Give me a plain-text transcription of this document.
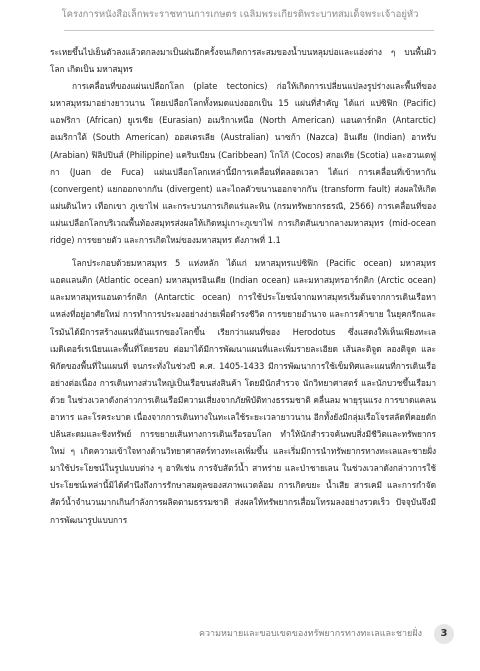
โครงการหนังสือเล็กพระราชทานการเกษตร เฉลิมพระเกียรติพระบาทสมเด็จพระเจ้าอยู่หัว

ระเหยขึ้นไปเย็นตัวลงแล้วตกลงมาเป็นฝนอีกครั้งจนเกิดการสะสมของน้ำบนหลุมบ่อและแอ่งต่าง ๆ บนพื้นผิวโลก เกิดเป็น มหาสมุทร

การเคลื่อนที่ของแผ่นเปลือกโลก (plate tectonics) ก่อให้เกิดการเปลี่ยนแปลงรูปร่างและพื้นที่ของมหาสมุทรมาอย่างยาวนาน โดยเปลือกโลกทั้งหมดแบ่งออกเป็น 15 แผ่นที่สำคัญ ได้แก่ แปซิฟิก (Pacific) แอฟริกา (African) ยูเรเซีย (Eurasian) อเมริกาเหนือ (North American) แอนตาร์กติก (Antarctic) อเมริกาใต้ (South American) ออสเตรเลีย (Australian) นาซก้า (Nazca) อินเดีย (Indian) อาหรับ (Arabian) ฟิลิปปินส์ (Philippine) แคริบเบียน (Caribbean) โกโก้ (Cocos) สกอเทีย (Scotia) และฮวนเดฟูกา (Juan de Fuca) แผ่นเปลือกโลกเหล่านี้มีการเคลื่อนที่ตลอดเวลา ได้แก่ การเคลื่อนที่เข้าหากัน (convergent) แยกออกจากกัน (divergent) และไถลตัวขนานออกจากกัน (transform fault) ส่งผลให้เกิดแผ่นดินไหว เทือกเขา ภูเขาไฟ และกระบวนการเกิดแร่และหิน (กรมทรัพยากรธรณี, 2566) การเคลื่อนที่ของแผ่นเปลือกโลกบริเวณพื้นท้องสมุทรส่งผลให้เกิดหมู่เกาะภูเขาไฟ การเกิดสันเขากลางมหาสมุทร (mid-ocean ridge) การขยายตัว และการเกิดใหม่ของมหาสมุทร ดังภาพที่ 1.1

โลกประกอบด้วยมหาสมุทร 5 แห่งหลัก ได้แก่ มหาสมุทรแปซิฟิก (Pacific ocean) มหาสมุทรแอตแลนติก (Atlantic ocean) มหาสมุทรอินเดีย (Indian ocean) และมหาสมุทรอาร์กติก (Arctic ocean) และมหาสมุทรแอนตาร์กติก (Antarctic ocean) การใช้ประโยชน์จากมหาสมุทรเริ่มต้นจากการเดินเรือหาแหล่งที่อยู่อาศัยใหม่ การทำการประมงอย่างง่ายเพื่อดำรงชีวิต การขยายอำนาจ และการค้าขาย ในยุคกรีกและโรมันได้มีการสร้างแผนที่อันแรกของโลกขึ้น เรียกว่าแผนที่ของ Herodotus ซึ่งแสดงให้เห็นเพียงทะเลเมดิเตอร์เรเนียนและพื้นที่โดยรอบ ต่อมาได้มีการพัฒนาแผนที่และเพิ่มรายละเอียด เส้นละติจูด ลองติจูด และพิกัดของพื้นที่ในแผนที่ จนกระทั่งในช่วงปี ค.ศ. 1405-1433 มีการพัฒนาการใช้เข็มทิศและแผนที่การเดินเรืออย่างต่อเนื่อง การเดินทางส่วนใหญ่เป็นเรือขนส่งสินค้า โดยมีนักสำรวจ นักวิทยาศาสตร์ และนักบวชขึ้นเรือมาด้วย ในช่วงเวลาดังกล่าวการเดินเรือมีความเสี่ยงจากภัยพิบัติทางธรรมชาติ คลื่นลม พายุรุนแรง การขาดแคลนอาหาร และโรคระบาด เนื่องจากการเดินทางในทะเลใช้ระยะเวลายาวนาน อีกทั้งยังมีกลุ่มเรือโจรสลัดที่คอยดักปล้นสะดมและชิงทรัพย์ การขยายเส้นทางการเดินเรือรอบโลก ทำให้นักสำรวจค้นพบสิ่งมีชีวิตและทรัพยากรใหม่ ๆ เกิดความเข้าใจทางด้านวิทยาศาสตร์ทางทะเลเพิ่มขึ้น และเริ่มมีการนำทรัพยากรทางทะเลและชายฝั่งมาใช้ประโยชน์ในรูปแบบต่าง ๆ อาทิเช่น การจับสัตว์น้ำ สาหร่าย และป่าชายเลน ในช่วงเวลาดังกล่าวการใช้ประโยชน์เหล่านี้มิได้คำนึงถึงการรักษาสมดุลของสภาพแวดล้อม การเกิดขยะ น้ำเสีย สารเคมี และการกำจัดสัตว์น้ำจำนวนมากเกินกำลังการผลิตตามธรรมชาติ ส่งผลให้ทรัพยากรเสื่อมโทรมลงอย่างรวดเร็ว ปัจจุบันจึงมีการพัฒนารูปแบบการ

ความหมายและขอบเขตของทรัพยากรทางทะเลและชายฝั่ง	3
